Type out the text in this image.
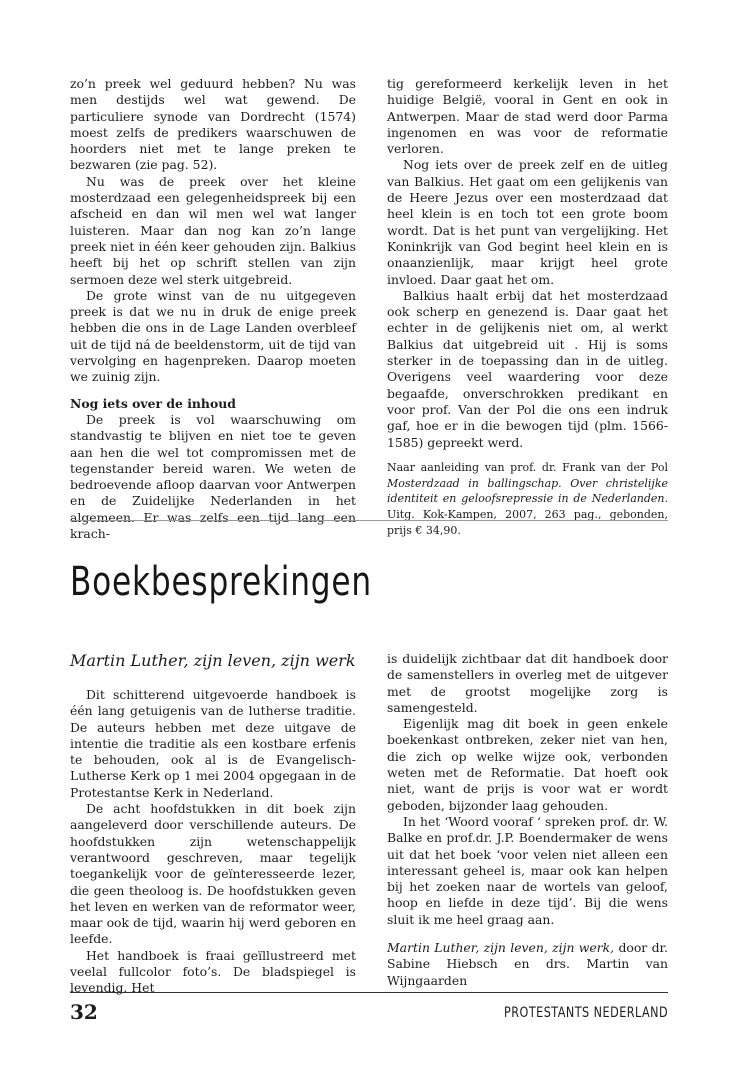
zo’n preek wel geduurd hebben? Nu was men destijds wel wat gewend. De particuliere synode van Dordrecht (1574) moest zelfs de predikers waarschuwen de hoorders niet met te lange preken te bezwaren (zie pag. 52).

Nu was de preek over het kleine mosterdzaad een gelegenheidspreek bij een afscheid en dan wil men wel wat langer luisteren. Maar dan nog kan zo’n lange preek niet in één keer gehouden zijn. Balkius heeft bij het op schrift stellen van zijn sermoen deze wel sterk uitgebreid.

De grote winst van de nu uitgegeven preek is dat we nu in druk de enige preek hebben die ons in de Lage Landen overbleef uit de tijd ná de beeldenstorm, uit de tijd van vervolging en hagenpreken. Daarop moeten we zuinig zijn.

Nog iets over de inhoud

De preek is vol waarschuwing om standvastig te blijven en niet toe te geven aan hen die wel tot compromissen met de tegenstander bereid waren. We weten de bedroevende afloop daarvan voor Antwerpen en de Zuidelijke Nederlanden in het algemeen. Er was zelfs een tijd lang een krach-

tig gereformeerd kerkelijk leven in het huidige België, vooral in Gent en ook in Antwerpen. Maar de stad werd door Parma ingenomen en was voor de reformatie verloren.

Nog iets over de preek zelf en de uitleg van Balkius. Het gaat om een gelijkenis van de Heere Jezus over een mosterdzaad dat heel klein is en toch tot een grote boom wordt. Dat is het punt van vergelijking. Het Koninkrijk van God begint heel klein en is onaanzienlijk, maar krijgt heel grote invloed. Daar gaat het om.

Balkius haalt erbij dat het mosterdzaad ook scherp en genezend is. Daar gaat het echter in de gelijkenis niet om, al werkt Balkius dat uitgebreid uit . Hij is soms sterker in de toepassing dan in de uitleg. Overigens veel waardering voor deze begaafde, onverschrokken predikant en voor prof. Van der Pol die ons een indruk gaf, hoe er in die bewogen tijd (plm. 1566-1585) gepreekt werd.

Naar aanleiding van prof. dr. Frank van der Pol Mosterdzaad in ballingschap. Over christelijke identiteit en geloofsrepressie in de Nederlanden. Uitg. Kok-Kampen, 2007, 263 pag., gebonden, prijs € 34,90.

Boekbesprekingen
Martin Luther, zijn leven, zijn werk

Dit schitterend uitgevoerde handboek is één lang getuigenis van de lutherse traditie. De auteurs hebben met deze uitgave de intentie die traditie als een kostbare erfenis te behouden, ook al is de Evangelisch-Lutherse Kerk op 1 mei 2004 opgegaan in de Protestantse Kerk in Nederland.

De acht hoofdstukken in dit boek zijn aangeleverd door verschillende auteurs. De hoofdstukken zijn wetenschappelijk verantwoord geschreven, maar tegelijk toegankelijk voor de geïnteresseerde lezer, die geen theoloog is. De hoofdstukken geven het leven en werken van de reformator weer, maar ook de tijd, waarin hij werd geboren en leefde.

Het handboek is fraai geïllustreerd met veelal fullcolor foto’s. De bladspiegel is levendig. Het

is duidelijk zichtbaar dat dit handboek door de samenstellers in overleg met de uitgever met de grootst mogelijke zorg is samengesteld.

Eigenlijk mag dit boek in geen enkele boekenkast ontbreken, zeker niet van hen, die zich op welke wijze ook, verbonden weten met de Reformatie. Dat hoeft ook niet, want de prijs is voor wat er wordt geboden, bijzonder laag gehouden.

In het ‘Woord vooraf ‘ spreken prof. dr. W. Balke en prof.dr. J.P. Boendermaker de wens uit dat het boek ‘voor velen niet alleen een interessant geheel is, maar ook kan helpen bij het zoeken naar de wortels van geloof, hoop en liefde in deze tijd’. Bij die wens sluit ik me heel graag aan.

Martin Luther, zijn leven, zijn werk, door dr. Sabine Hiebsch en drs. Martin van Wijngaarden

32	PROTESTANTS NEDERLAND
